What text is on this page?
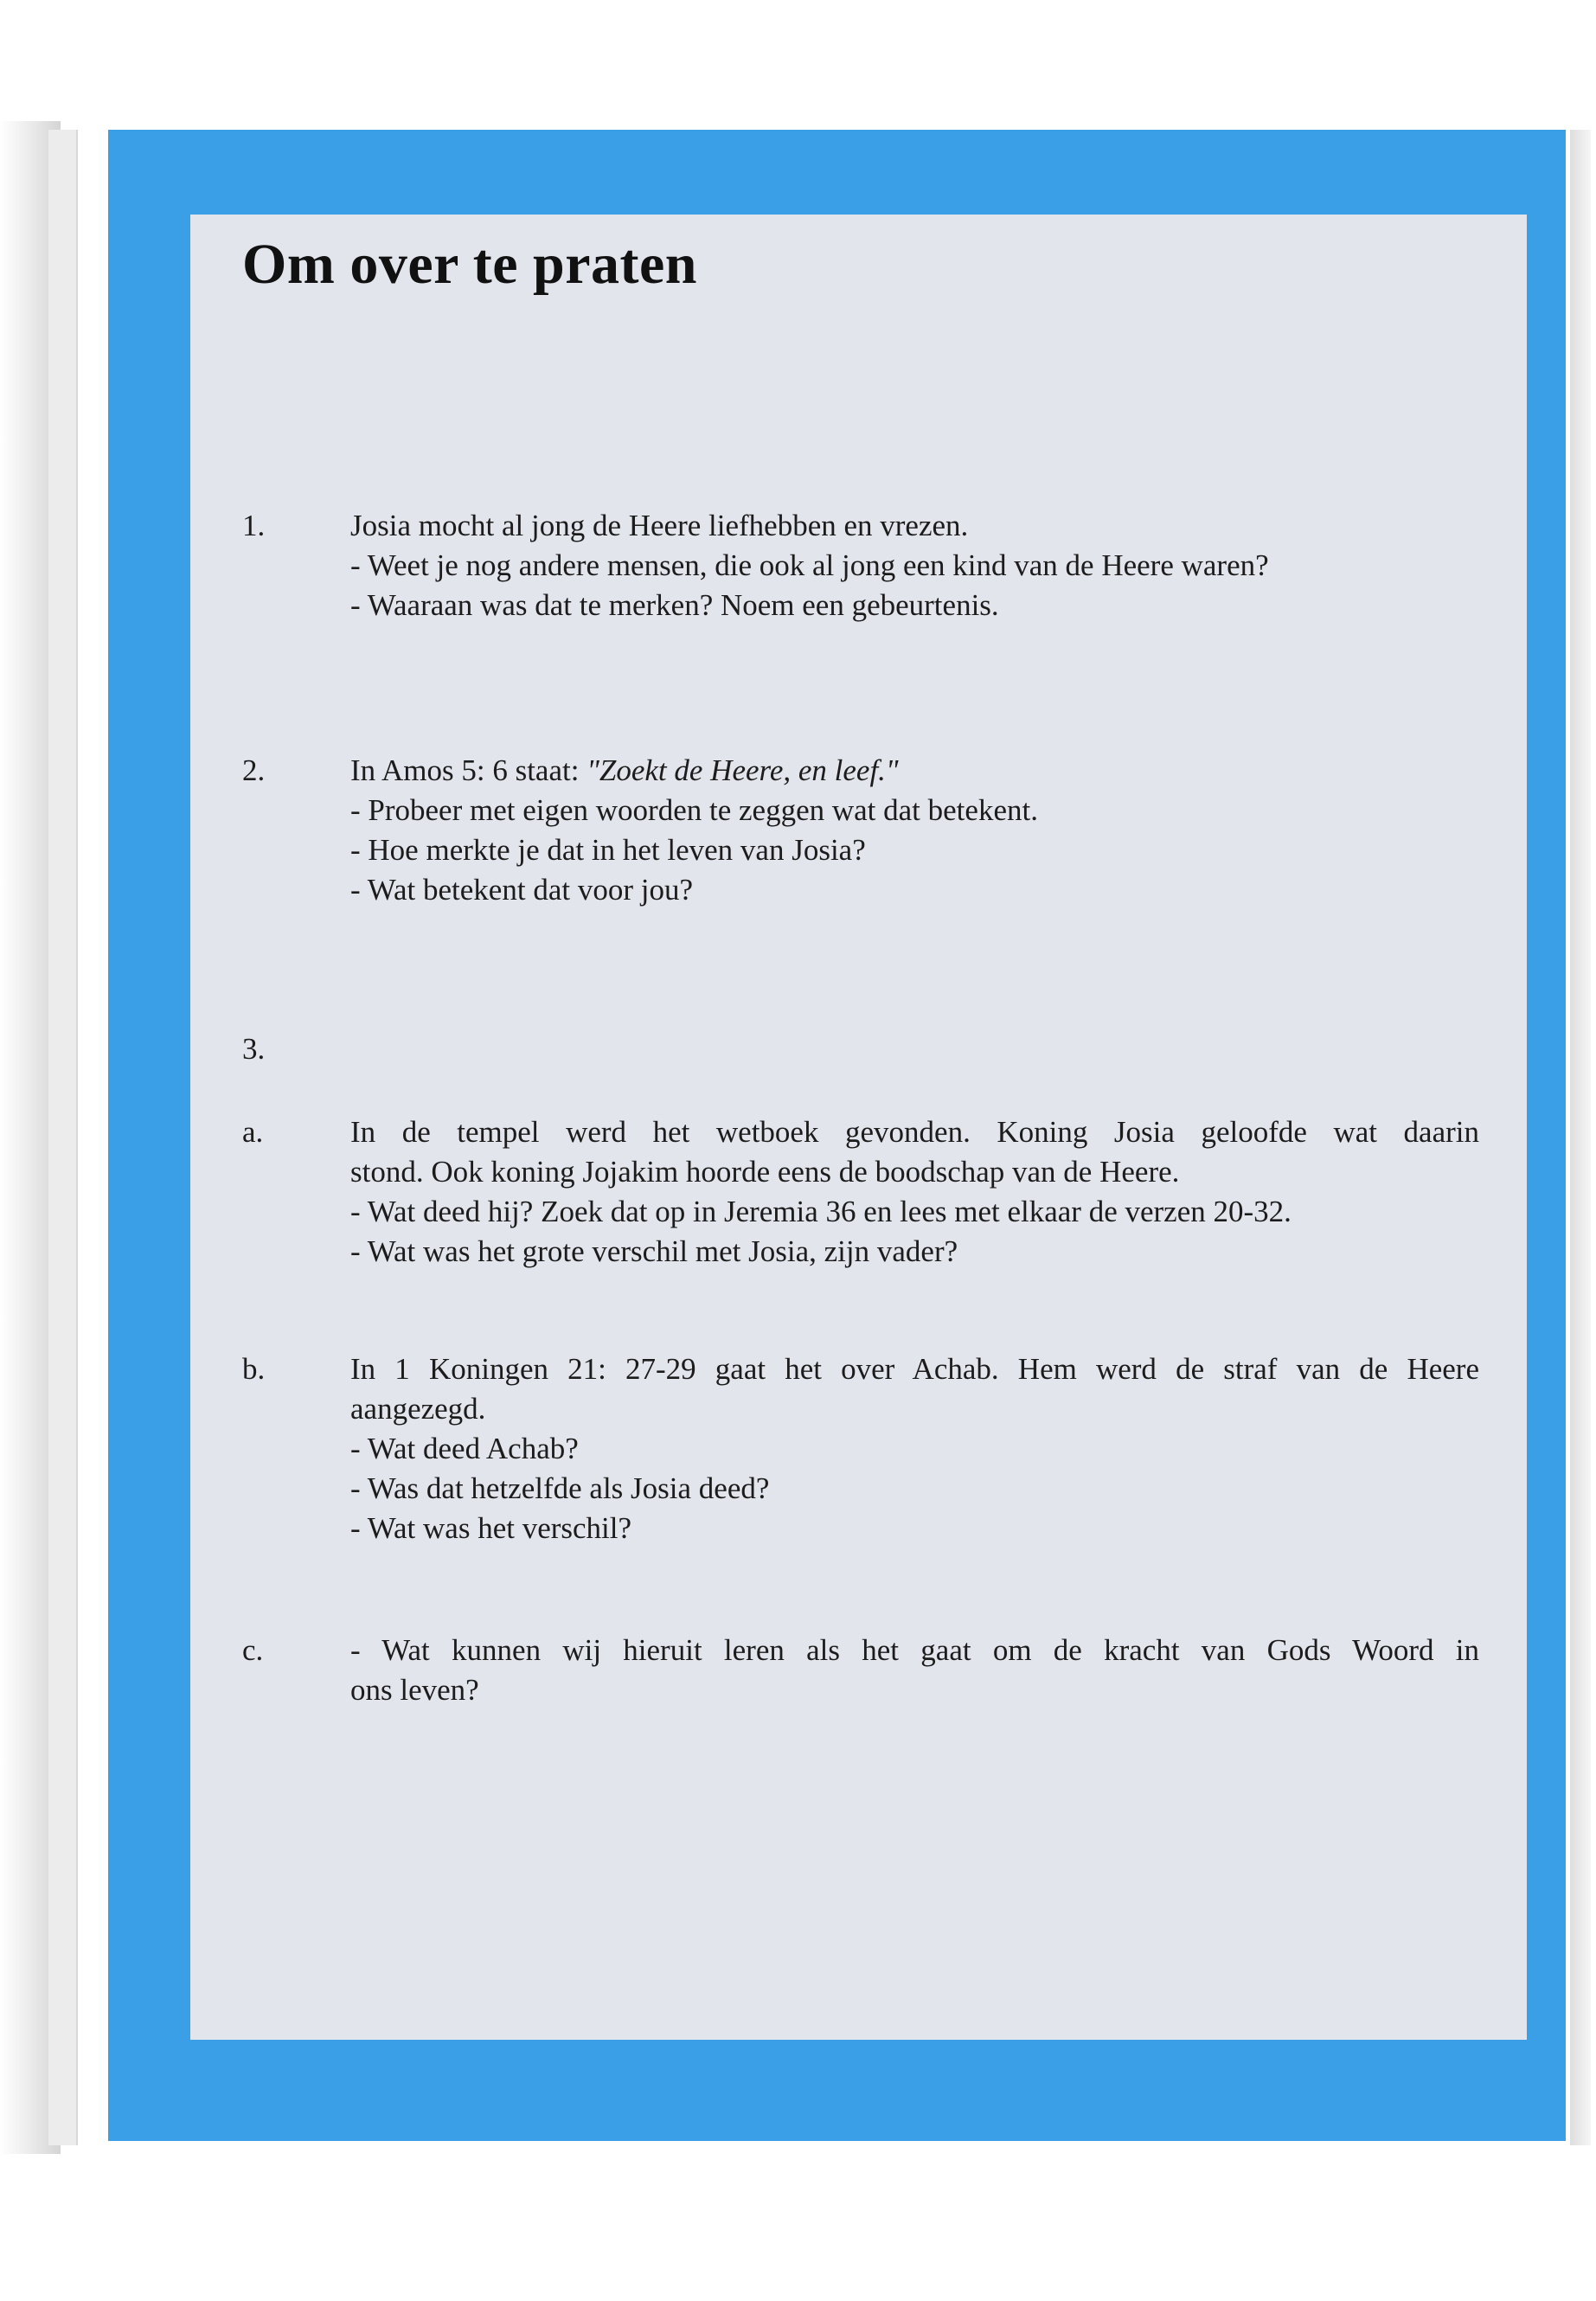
Om over te praten
1.	Josia mocht al jong de Heere liefhebben en vrezen.
- Weet je nog andere mensen, die ook al jong een kind van de Heere waren?
- Waaraan was dat te merken? Noem een gebeurtenis.
2.	In Amos 5: 6 staat: "Zoekt de Heere, en leef."
- Probeer met eigen woorden te zeggen wat dat betekent.
- Hoe merkte je dat in het leven van Josia?
- Wat betekent dat voor jou?
3.
a.	In de tempel werd het wetboek gevonden. Koning Josia geloofde wat daarin
stond. Ook koning Jojakim hoorde eens de boodschap van de Heere.
- Wat deed hij? Zoek dat op in Jeremia 36 en lees met elkaar de verzen 20-32.
- Wat was het grote verschil met Josia, zijn vader?
b.	In 1 Koningen 21: 27-29 gaat het over Achab. Hem werd de straf van de Heere
aangezegd.
- Wat deed Achab?
- Was dat hetzelfde als Josia deed?
- Wat was het verschil?
c.	- Wat kunnen wij hieruit leren als het gaat om de kracht van Gods Woord in
ons leven?
